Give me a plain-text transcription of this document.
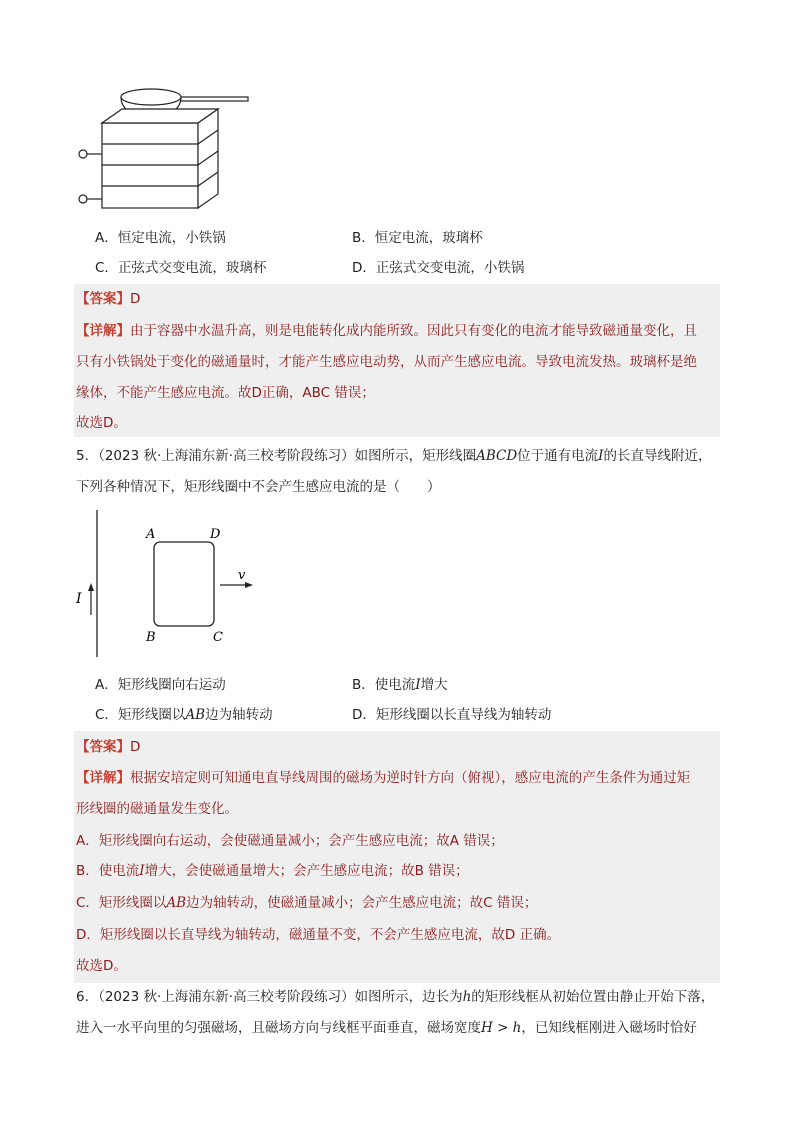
A．恒定电流，小铁锅	B．恒定电流，玻璃杯
C．正弦式交变电流，玻璃杯	D．正弦式交变电流，小铁锅
【答案】D
【详解】由于容器中水温升高，则是电能转化成内能所致。因此只有变化的电流才能导致磁通量变化，且
只有小铁锅处于变化的磁通量时，才能产生感应电动势，从而产生感应电流。导致电流发热。玻璃杯是绝
缘体，不能产生感应电流。故D正确，ABC 错误；
故选D。
5．（2023 秋·上海浦东新·高三校考阶段练习）如图所示，矩形线圈ABCD位于通有电流I的长直导线附近，
下列各种情况下，矩形线圈中不会产生感应电流的是（　　）
I
A	D
B	C
v
A．矩形线圈向右运动	B．使电流I增大
C．矩形线圈以AB边为轴转动	D．矩形线圈以长直导线为轴转动
【答案】D
【详解】根据安培定则可知通电直导线周围的磁场为逆时针方向（俯视），感应电流的产生条件为通过矩
形线圈的磁通量发生变化。
A．矩形线圈向右运动，会使磁通量减小；会产生感应电流；故A 错误；
B．使电流I增大，会使磁通量增大；会产生感应电流；故B 错误；
C．矩形线圈以AB边为轴转动，使磁通量减小；会产生感应电流；故C 错误；
D．矩形线圈以长直导线为轴转动，磁通量不变，不会产生感应电流，故D 正确。
故选D。
6．（2023 秋·上海浦东新·高三校考阶段练习）如图所示，边长为h的矩形线框从初始位置由静止开始下落，
进入一水平向里的匀强磁场，且磁场方向与线框平面垂直，磁场宽度H > h，已知线框刚进入磁场时恰好
